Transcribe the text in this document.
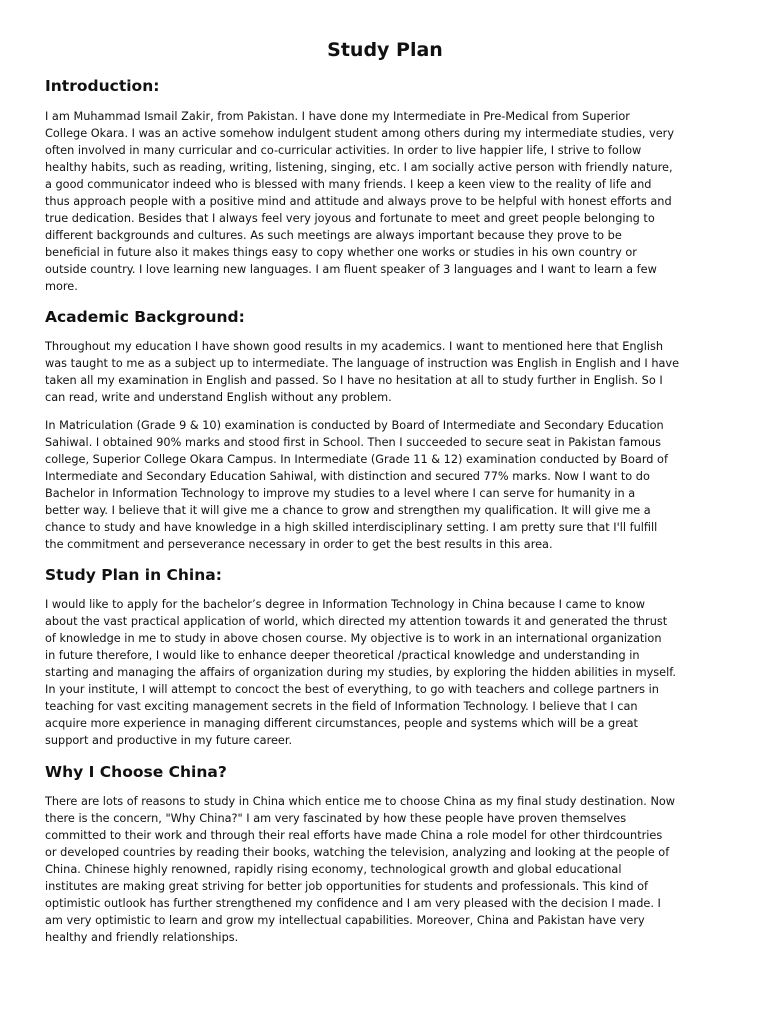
Study Plan
Introduction:

I am Muhammad Ismail Zakir, from Pakistan. I have done my Intermediate in Pre-Medical from Superior
College Okara. I was an active somehow indulgent student among others during my intermediate studies, very
often involved in many curricular and co-curricular activities. In order to live happier life, I strive to follow
healthy habits, such as reading, writing, listening, singing, etc. I am socially active person with friendly nature,
a good communicator indeed who is blessed with many friends. I keep a keen view to the reality of life and
thus approach people with a positive mind and attitude and always prove to be helpful with honest efforts and
true dedication. Besides that I always feel very joyous and fortunate to meet and greet people belonging to
different backgrounds and cultures. As such meetings are always important because they prove to be
beneficial in future also it makes things easy to copy whether one works or studies in his own country or
outside country. I love learning new languages. I am fluent speaker of 3 languages and I want to learn a few
more.

Academic Background:

Throughout my education I have shown good results in my academics. I want to mentioned here that English
was taught to me as a subject up to intermediate. The language of instruction was English in English and I have
taken all my examination in English and passed. So I have no hesitation at all to study further in English. So I
can read, write and understand English without any problem.

In Matriculation (Grade 9 & 10) examination is conducted by Board of Intermediate and Secondary Education
Sahiwal. I obtained 90% marks and stood first in School. Then I succeeded to secure seat in Pakistan famous
college, Superior College Okara Campus. In Intermediate (Grade 11 & 12) examination conducted by Board of
Intermediate and Secondary Education Sahiwal, with distinction and secured 77% marks. Now I want to do
Bachelor in Information Technology to improve my studies to a level where I can serve for humanity in a
better way. I believe that it will give me a chance to grow and strengthen my qualification. It will give me a
chance to study and have knowledge in a high skilled interdisciplinary setting. I am pretty sure that I'll fulfill
the commitment and perseverance necessary in order to get the best results in this area.

Study Plan in China:

I would like to apply for the bachelor’s degree in Information Technology in China because I came to know
about the vast practical application of world, which directed my attention towards it and generated the thrust
of knowledge in me to study in above chosen course. My objective is to work in an international organization
in future therefore, I would like to enhance deeper theoretical /practical knowledge and understanding in
starting and managing the affairs of organization during my studies, by exploring the hidden abilities in myself.
In your institute, I will attempt to concoct the best of everything, to go with teachers and college partners in
teaching for vast exciting management secrets in the field of Information Technology. I believe that I can
acquire more experience in managing different circumstances, people and systems which will be a great
support and productive in my future career.

Why I Choose China?

There are lots of reasons to study in China which entice me to choose China as my final study destination. Now
there is the concern, "Why China?" I am very fascinated by how these people have proven themselves
committed to their work and through their real efforts have made China a role model for other thirdcountries
or developed countries by reading their books, watching the television, analyzing and looking at the people of
China. Chinese highly renowned, rapidly rising economy, technological growth and global educational
institutes are making great striving for better job opportunities for students and professionals. This kind of
optimistic outlook has further strengthened my confidence and I am very pleased with the decision I made. I
am very optimistic to learn and grow my intellectual capabilities. Moreover, China and Pakistan have very
healthy and friendly relationships.
